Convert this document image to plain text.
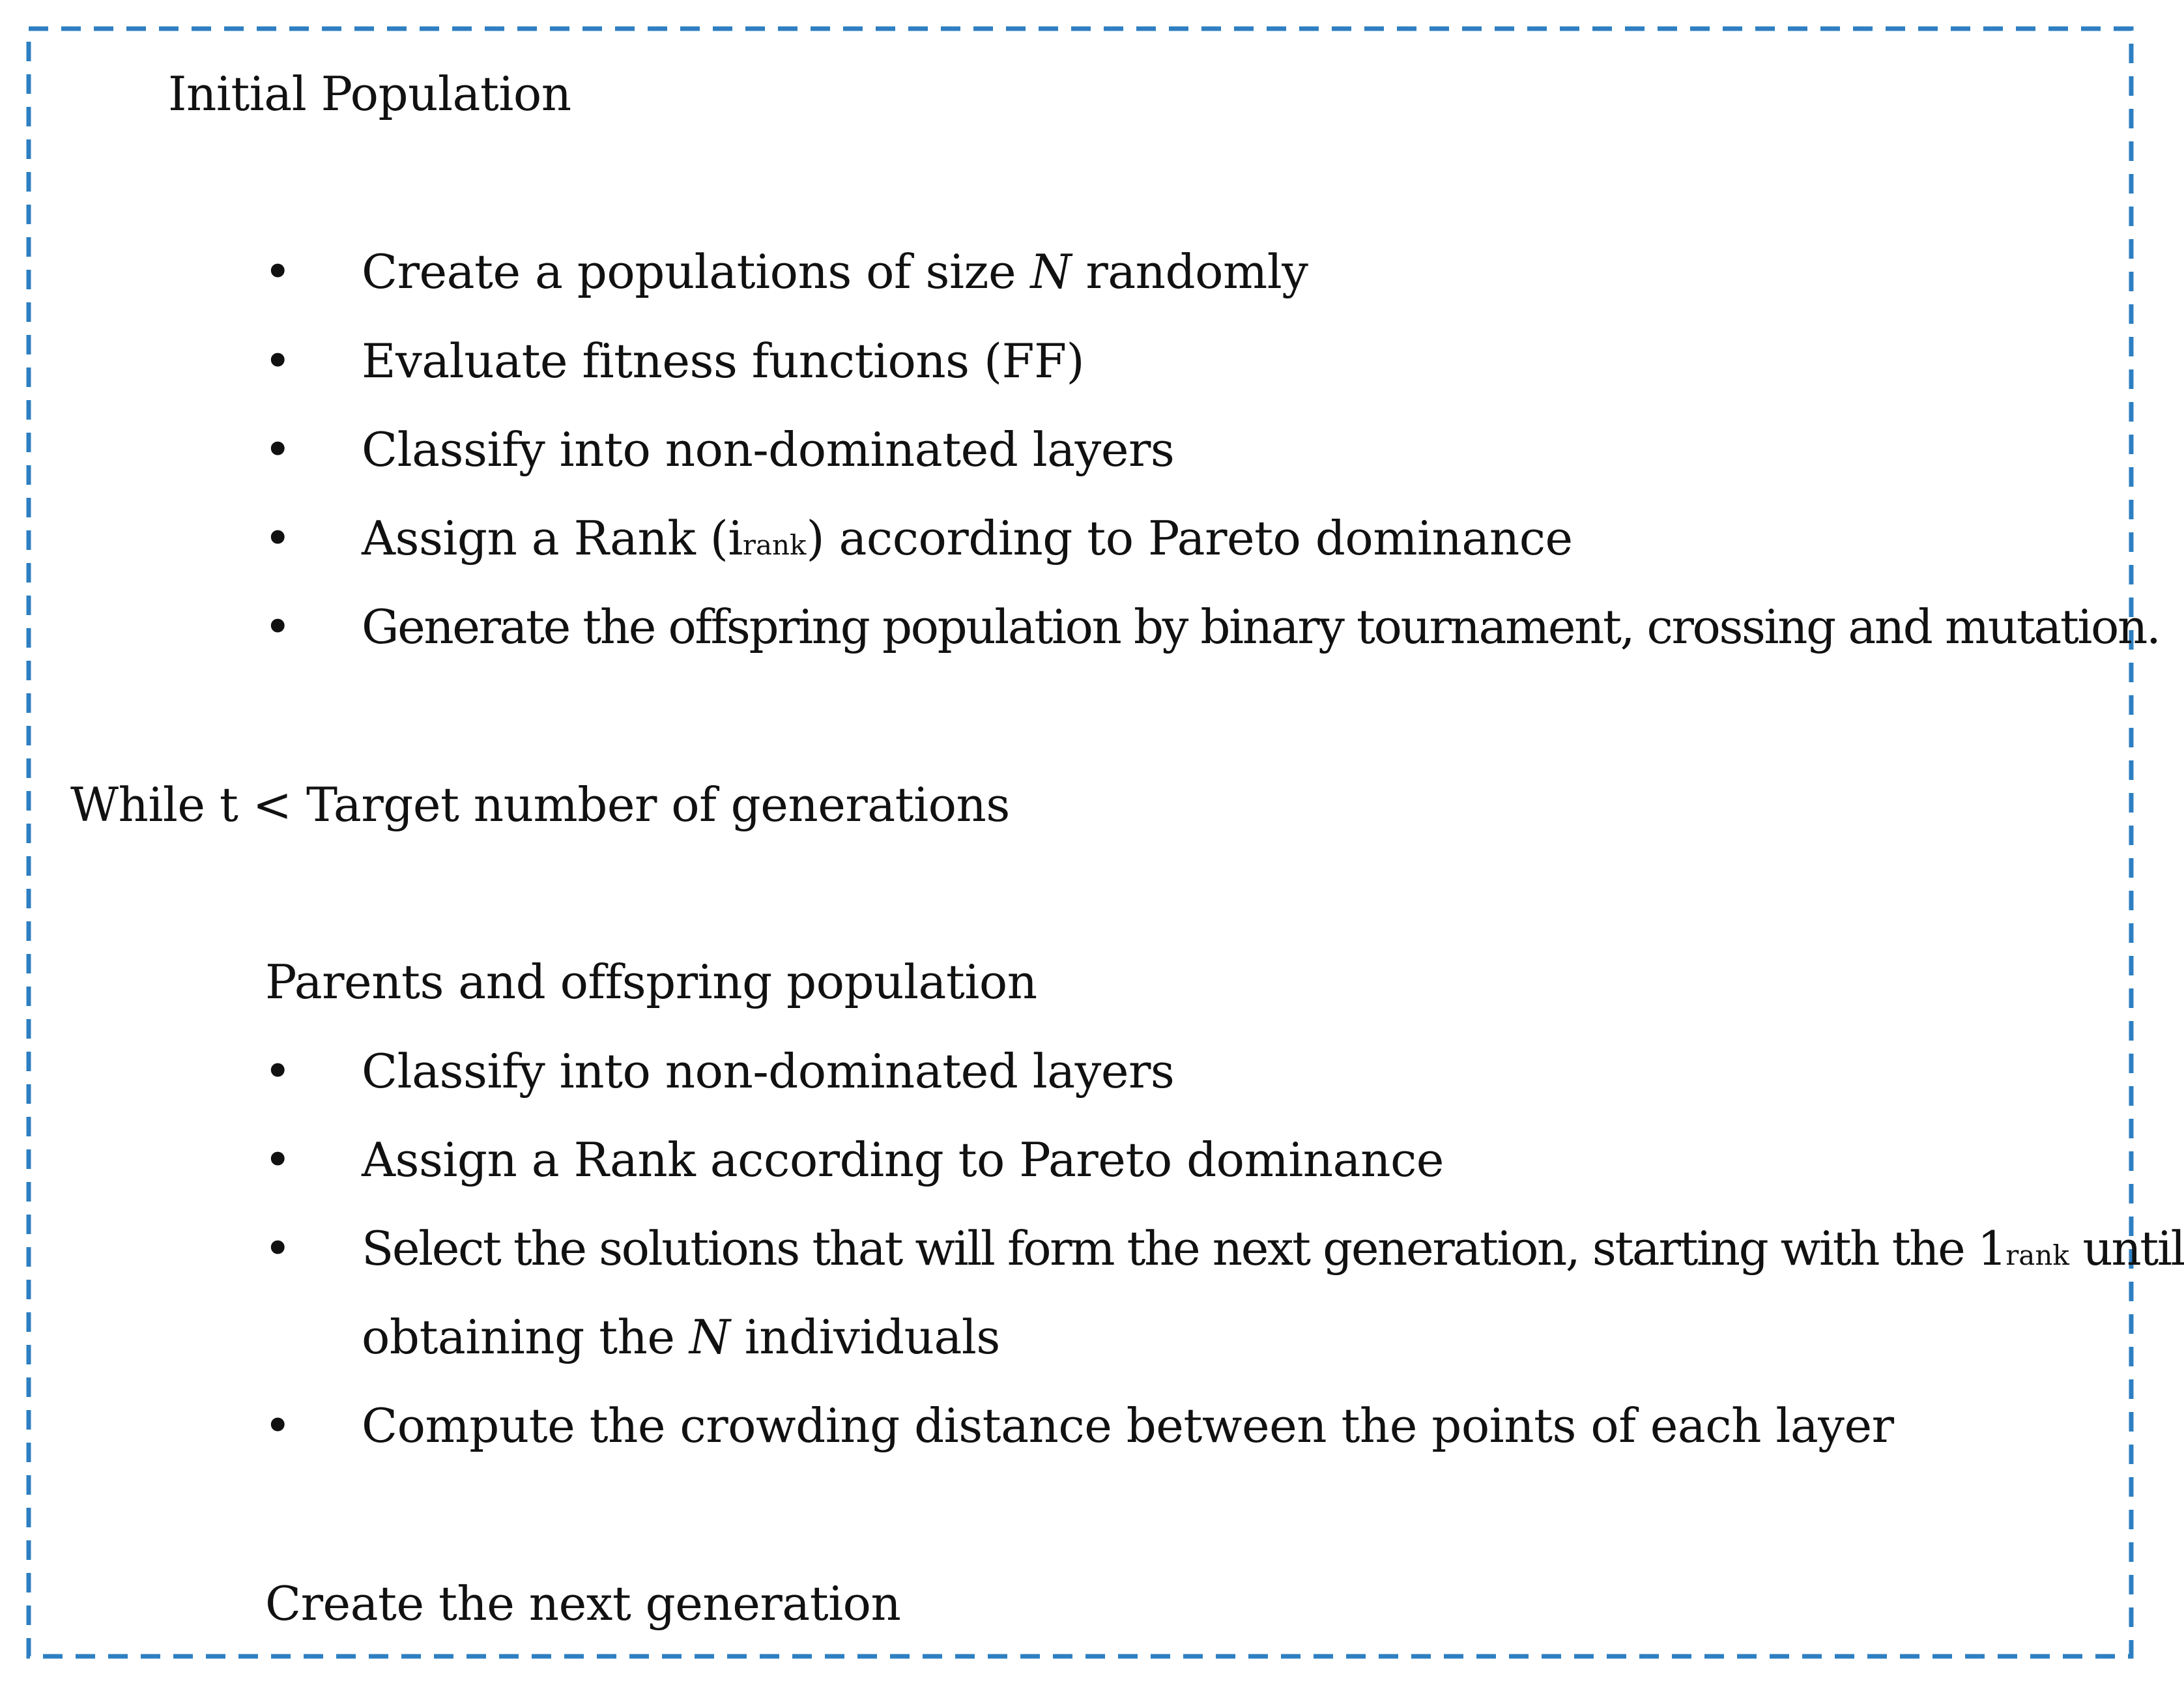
Initial Population
• Create a populations of size N randomly
• Evaluate fitness functions (FF)
• Classify into non-dominated layers
• Assign a Rank (irank) according to Pareto dominance
• Generate the offspring population by binary tournament, crossing and mutation.
While t < Target number of generations
Parents and offspring population
• Classify into non-dominated layers
• Assign a Rank according to Pareto dominance
• Select the solutions that will form the next generation, starting with the 1rank until
obtaining the N individuals
• Compute the crowding distance between the points of each layer
Create the next generation
